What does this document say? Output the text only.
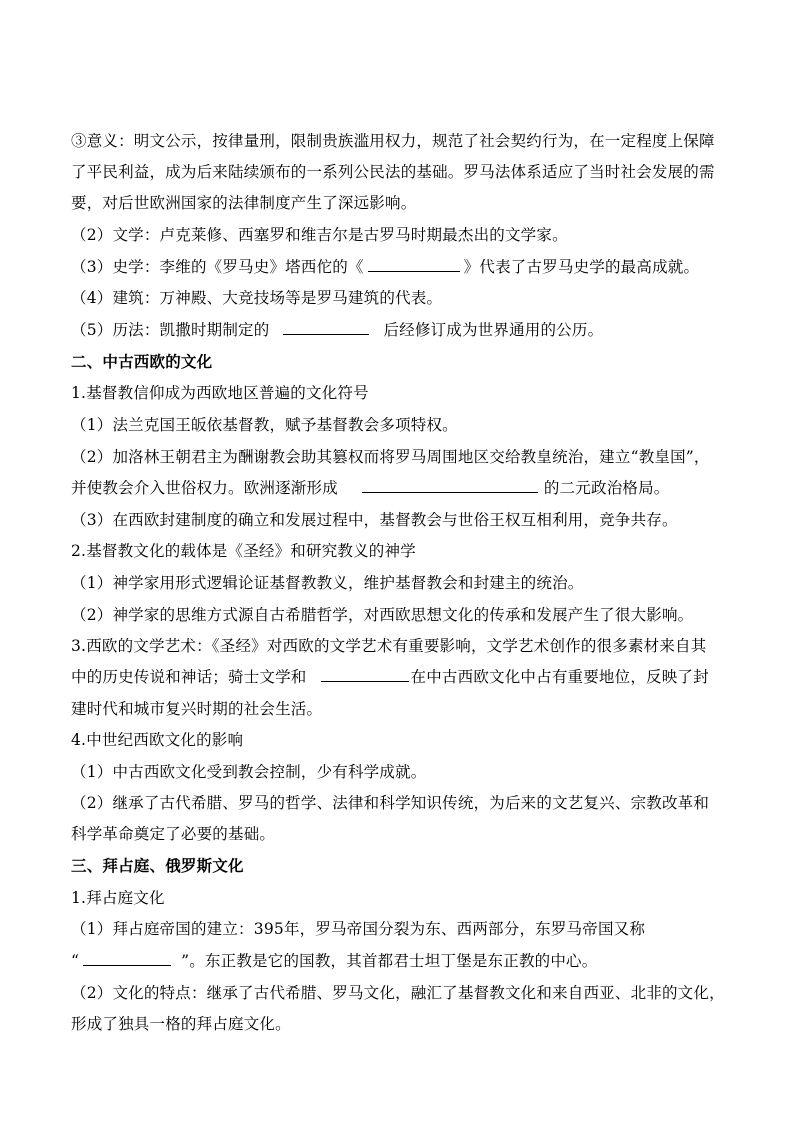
③意义：明文公示，按律量刑，限制贵族滥用权力，规范了社会契约行为，在一定程度上保障
了平民利益，成为后来陆续颁布的一系列公民法的基础。罗马法体系适应了当时社会发展的需
要，对后世欧洲国家的法律制度产生了深远影响。
（2）文学：卢克莱修、西塞罗和维吉尔是古罗马时期最杰出的文学家。
（3）史学：李维的《罗马史》塔西佗的《	》代表了古罗马史学的最高成就。
（4）建筑：万神殿、大竞技场等是罗马建筑的代表。
（5）历法：凯撒时期制定的	后经修订成为世界通用的公历。
二、中古西欧的文化
1.基督教信仰成为西欧地区普遍的文化符号
（1）法兰克国王皈依基督教，赋予基督教会多项特权。
（2）加洛林王朝君主为酬谢教会助其篡权而将罗马周围地区交给教皇统治，建立“教皇国”，
并使教会介入世俗权力。欧洲逐渐形成	的二元政治格局。
（3）在西欧封建制度的确立和发展过程中，基督教会与世俗王权互相利用，竞争共存。
2.基督教文化的载体是《圣经》和研究教义的神学
（1）神学家用形式逻辑论证基督教教义，维护基督教会和封建主的统治。
（2）神学家的思维方式源自古希腊哲学，对西欧思想文化的传承和发展产生了很大影响。
3.西欧的文学艺术：《圣经》对西欧的文学艺术有重要影响，文学艺术创作的很多素材来自其
中的历史传说和神话；骑士文学和	在中古西欧文化中占有重要地位，反映了封
建时代和城市复兴时期的社会生活。
4.中世纪西欧文化的影响
（1）中古西欧文化受到教会控制，少有科学成就。
（2）继承了古代希腊、罗马的哲学、法律和科学知识传统，为后来的文艺复兴、宗教改革和
科学革命奠定了必要的基础。
三、拜占庭、俄罗斯文化
1.拜占庭文化
（1）拜占庭帝国的建立：395年，罗马帝国分裂为东、西两部分，东罗马帝国又称
“	”。东正教是它的国教，其首都君士坦丁堡是东正教的中心。
（2）文化的特点：继承了古代希腊、罗马文化，融汇了基督教文化和来自西亚、北非的文化，
形成了独具一格的拜占庭文化。
